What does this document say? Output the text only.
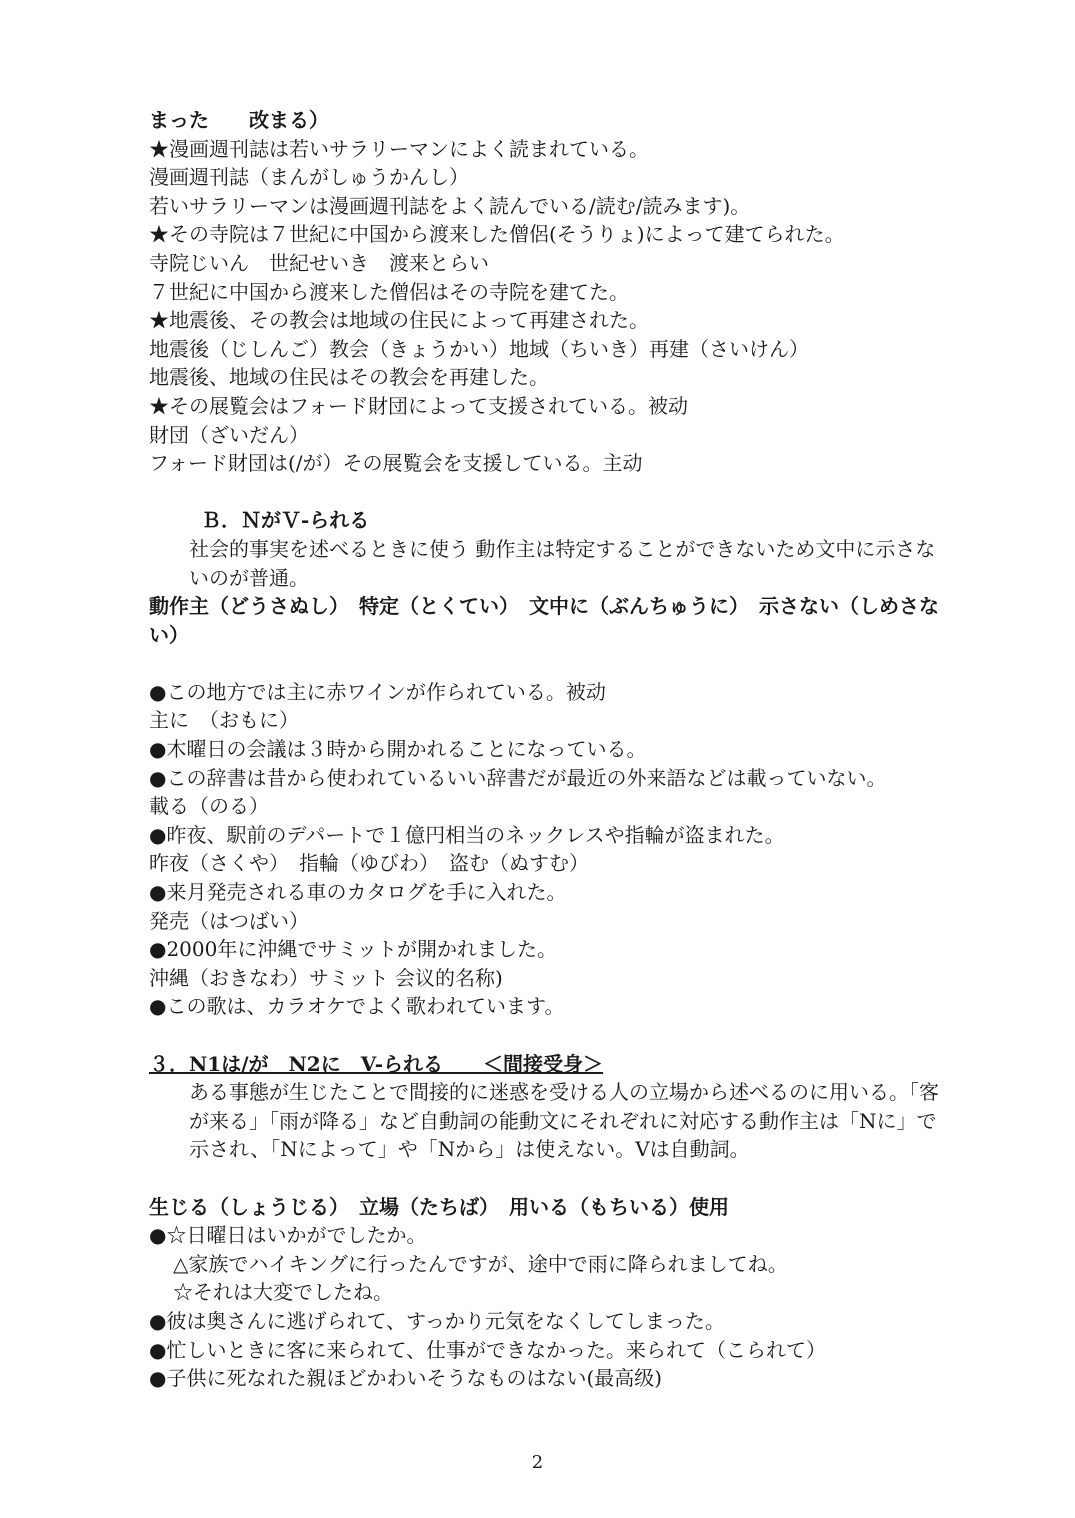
まった　　改まる）
★漫画週刊誌は若いサラリーマンによく読まれている。
漫画週刊誌（まんがしゅうかんし）
若いサラリーマンは漫画週刊誌をよく読んでいる/読む/読みます)。
★その寺院は７世紀に中国から渡来した僧侶(そうりょ)によって建てられた。
寺院じいん　世紀せいき　渡来とらい
７世紀に中国から渡来した僧侶はその寺院を建てた。
★地震後、その教会は地域の住民によって再建された。
地震後（じしんご）教会（きょうかい）地域（ちいき）再建（さいけん）
地震後、地域の住民はその教会を再建した。
★その展覧会はフォード財団によって支援されている。被动
財団（ざいだん）
フォード財団は(/が）その展覧会を支援している。主动
Ｂ．ＮがＶ-られる
社会的事実を述べるときに使う 動作主は特定することができないため文中に示さないのが普通。
動作主（どうさぬし）　特定（とくてい）　文中に（ぶんちゅうに）　示さない（しめさない）
●この地方では主に赤ワインが作られている。被动
主に　（おもに）
●木曜日の会議は３時から開かれることになっている。
●この辞書は昔から使われているいい辞書だが最近の外来語などは載っていない。
載る（のる）
●昨夜、駅前のデパートで１億円相当のネックレスや指輪が盗まれた。
昨夜（さくや）　指輪（ゆびわ）　盗む（ぬすむ）
●来月発売される車のカタログを手に入れた。
発売（はつばい）
●2000年に沖縄でサミットが開かれました。
沖縄（おきなわ）サミット 会议的名称)
●この歌は、カラオケでよく歌われています。
３．N1は/が　N2に　V-られる　　＜間接受身＞
ある事態が生じたことで間接的に迷惑を受ける人の立場から述べるのに用いる。「客が来る」「雨が降る」など自動詞の能動文にそれぞれに対応する動作主は「Nに」で示され、「Nによって」や「Nから」は使えない。Vは自動詞。
生じる（しょうじる）　立場（たちば）　用いる（もちいる）使用
●☆日曜日はいかがでしたか。
△家族でハイキングに行ったんですが、途中で雨に降られましてね。
☆それは大変でしたね。
●彼は奥さんに逃げられて、すっかり元気をなくしてしまった。
●忙しいときに客に来られて、仕事ができなかった。来られて（こられて）
●子供に死なれた親ほどかわいそうなものはない(最高级)
2
